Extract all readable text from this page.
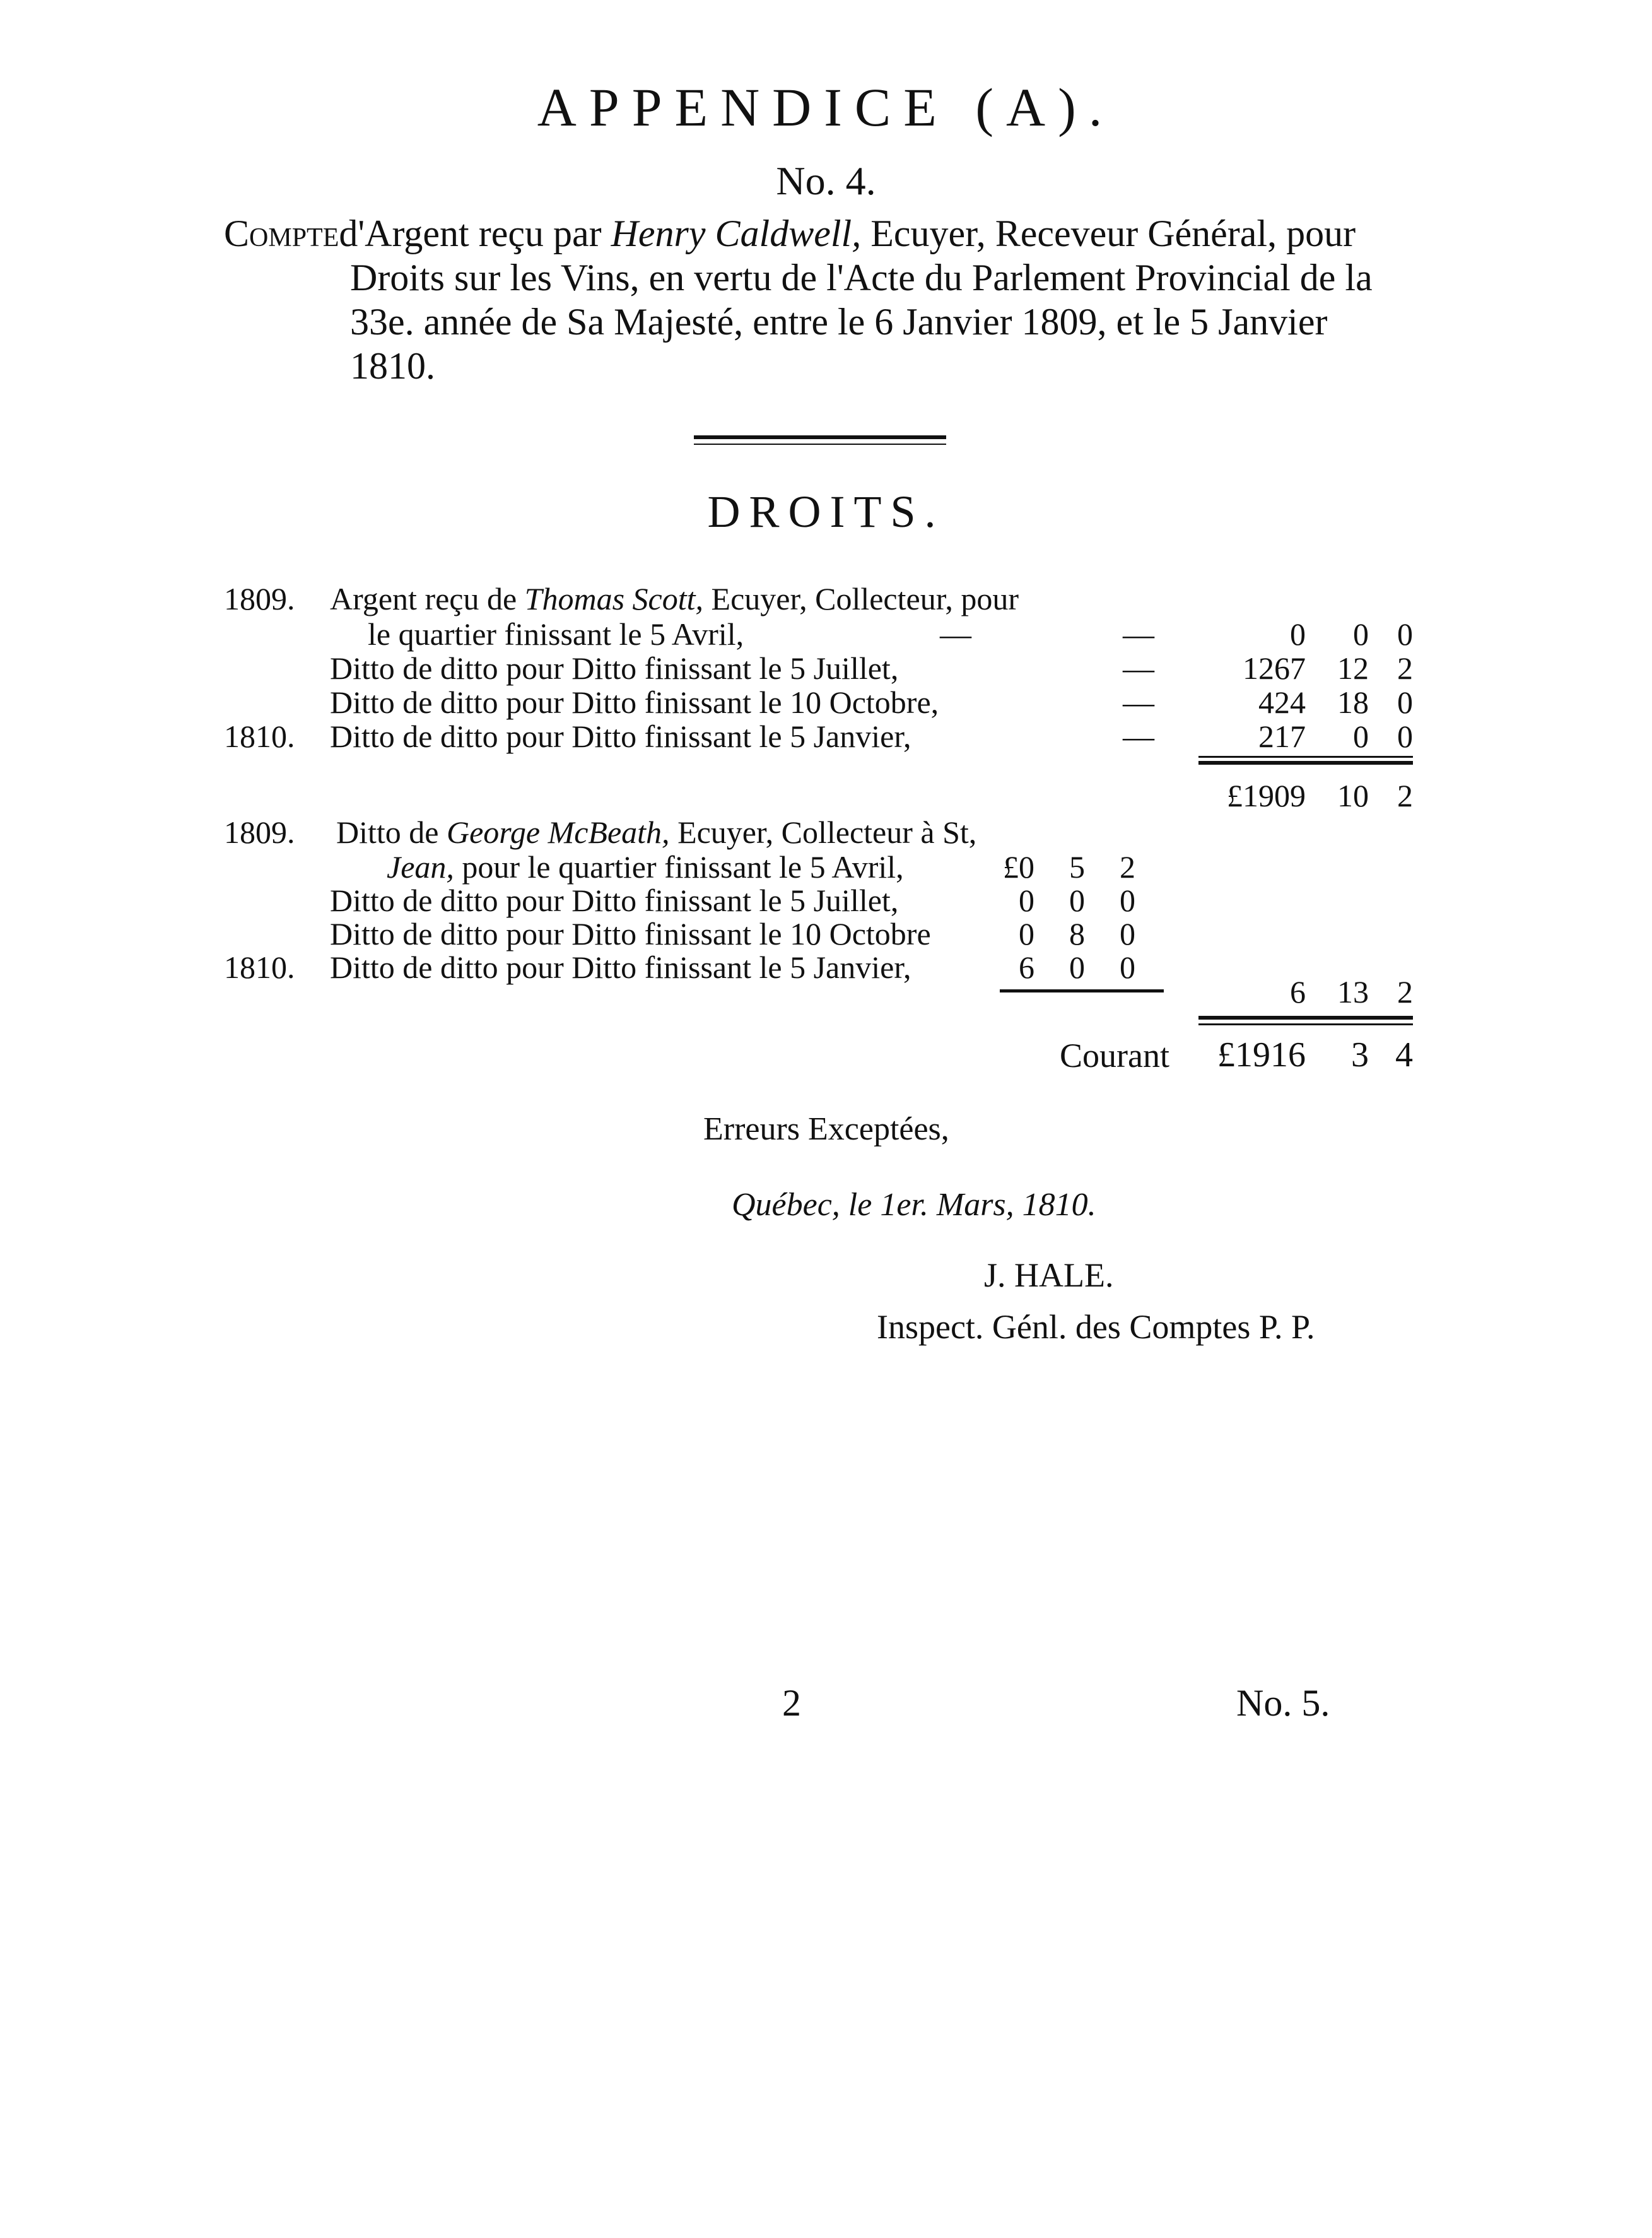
APPENDICE (A).
No. 4.
Compted'Argent reçu par Henry Caldwell, Ecuyer, Receveur Général, pour Droits sur les Vins, en vertu de l'Acte du Parlement Provincial de la 33e. année de Sa Majesté, entre le 6 Janvier 1809, et le 5 Janvier 1810.
DROITS.
1809. Argent reçu de Thomas Scott, Ecuyer, Collecteur, pour
le quartier finissant le 5 Avril,	—	—	0	0 0
Ditto de ditto pour Ditto finissant le 5 Juillet,	—	1267	12 2
Ditto de ditto pour Ditto finissant le 10 Octobre,	—	424	18 0
1810. Ditto de ditto pour Ditto finissant le 5 Janvier,	—	217	0 0
£1909	10 2
1809. Ditto de George McBeath, Ecuyer, Collecteur à St,
Jean, pour le quartier finissant le 5 Avril,	£0	5	2
Ditto de ditto pour Ditto finissant le 5 Juillet,	0	0	0
Ditto de ditto pour Ditto finissant le 10 Octobre	0	8	0
1810. Ditto de ditto pour Ditto finissant le 5 Janvier,	6	0	0
6	13 2
Courant	£1916	3 4
Erreurs Exceptées,
Québec, le 1er. Mars, 1810.
J. HALE.
Inspect. Génl. des Comptes P. P.
2	No. 5.
